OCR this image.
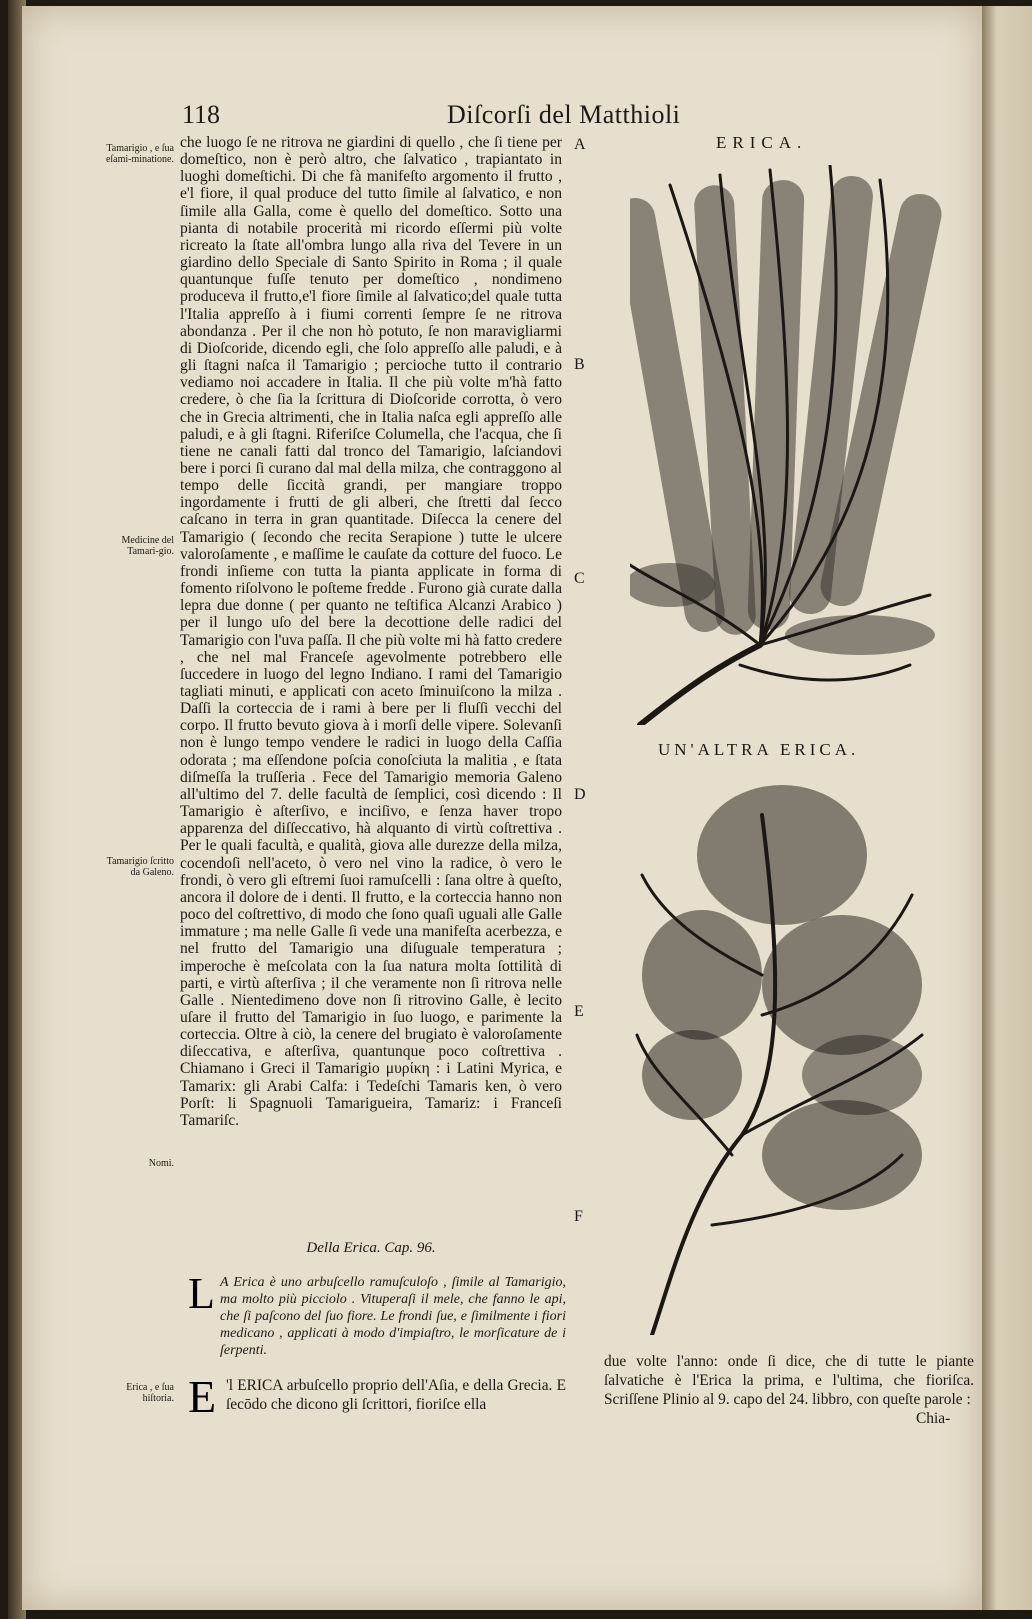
118	Diſcorſi del Matthioli
Tamarigio , e ſua eſami-minatione.
Medicine del Tamari-gio.
Tamarigio ſcritto da Galeno.
Nomi.
Erica , e ſua hiſtoria.
A
B
C
D
E
F

che luogo ſe ne ritrova ne giardini di quello , che ſi tiene per domeſtico, non è però altro, che ſalvatico , trapiantato in luoghi domeſtichi. Di che fà manifeſto argomento il frutto , e'l fiore, il qual produce del tutto ſimile al ſalvatico, e non ſimile alla Galla, come è quello del domeſtico. Sotto una pianta di notabile procerità mi ricordo eſſermi più volte ricreato la ſtate all'ombra lungo alla riva del Tevere in un giardino dello Speciale di Santo Spirito in Roma ; il quale quantunque fuſſe tenuto per domeſtico , nondimeno produceva il frutto,e'l fiore ſimile al ſalvatico;del quale tutta l'Italia appreſſo à i fiumi correnti ſempre ſe ne ritrova abondanza . Per il che non hò potuto, ſe non maravigliarmi di Dioſcoride, dicendo egli, che ſolo appreſſo alle paludi, e à gli ſtagni naſca il Tamarigio ; percioche tutto il contrario vediamo noi accadere in Italia. Il che più volte m'hà fatto credere, ò che ſia la ſcrittura di Dioſcoride corrotta, ò vero che in Grecia altrimenti, che in Italia naſca egli appreſſo alle paludi, e à gli ſtagni. Riferiſce Columella, che l'acqua, che ſi tiene ne canali fatti dal tronco del Tamarigio, laſciandovi bere i porci ſi curano dal mal della milza, che contraggono al tempo delle ſiccità grandi, per mangiare troppo ingordamente i frutti de gli alberi, che ſtretti dal ſecco caſcano in terra in gran quantitade. Diſecca la cenere del Tamarigio ( ſecondo che recita Serapione ) tutte le ulcere valoroſamente , e maſſime le cauſate da cotture del fuoco. Le frondi inſieme con tutta la pianta applicate in forma di fomento riſolvono le poſteme fredde . Furono già curate dalla lepra due donne ( per quanto ne teſtifica Alcanzi Arabico ) per il lungo uſo del bere la decottione delle radici del Tamarigio con l'uva paſſa. Il che più volte mi hà fatto credere , che nel mal Franceſe agevolmente potrebbero elle ſuccedere in luogo del legno Indiano. I rami del Tamarigio tagliati minuti, e applicati con aceto ſminuiſcono la milza . Daſſi la corteccia de i rami à bere per li fluſſi vecchi del corpo. Il frutto bevuto giova à i morſi delle vipere. Solevanſi non è lungo tempo vendere le radici in luogo della Caſſia odorata ; ma eſſendone poſcia conoſciuta la malitia , e ſtata diſmeſſa la truſſeria . Fece del Tamarigio memoria Galeno all'ultimo del 7. delle facultà de ſemplici, così dicendo : Il Tamarigio è aſterſivo, e inciſivo, e ſenza haver tropo apparenza del diſſeccativo, hà alquanto di virtù coſtrettiva . Per le quali facultà, e qualità, giova alle durezze della milza, cocendoſi nell'aceto, ò vero nel vino la radice, ò vero le frondi, ò vero gli eſtremi ſuoi ramuſcelli : ſana oltre à queſto, ancora il dolore de i denti. Il frutto, e la corteccia hanno non poco del coſtrettivo, di modo che ſono quaſi uguali alle Galle immature ; ma nelle Galle ſi vede una manifeſta acerbezza, e nel frutto del Tamarigio una diſuguale temperatura ; imperoche è meſcolata con la ſua natura molta ſottilità di parti, e virtù aſterſiva ; il che veramente non ſi ritrova nelle Galle . Nientedimeno dove non ſi ritrovino Galle, è lecito uſare il frutto del Tamarigio in ſuo luogo, e parimente la corteccia. Oltre à ciò, la cenere del brugiato è valoroſamente diſeccativa, e aſterſiva, quantunque poco coſtrettiva . Chiamano i Greci il Tamarigio μυρίκη : i Latini Myrica, e Tamarix: gli Arabi Calfa: i Tedeſchi Tamaris ken, ò vero Porſt: li Spagnuoli Tamarigueira, Tamariz: i Franceſi Tamariſc.

Della Erica. Cap. 96.
L A Erica è uno arbuſcello ramuſculoſo , ſimile al Tamarigio, ma molto più picciolo . Vituperaſi il mele, che fanno le api, che ſi paſcono del ſuo fiore. Le frondi ſue, e ſimilmente i fiori medicano , applicati à modo d'impiaſtro, le morſicature de i ſerpenti.
E 'l ERICA arbuſcello proprio dell'Aſia, e della Grecia. E ſecōdo che dicono gli ſcrittori, fioriſce ella
ERICA.
UN'ALTRA ERICA.
due volte l'anno: onde ſi dice, che di tutte le piante ſalvatiche è l'Erica la prima, e l'ultima, che fioriſca. Scriſſene Plinio al 9. capo del 24. libbro, con queſte parole :
Chia-
